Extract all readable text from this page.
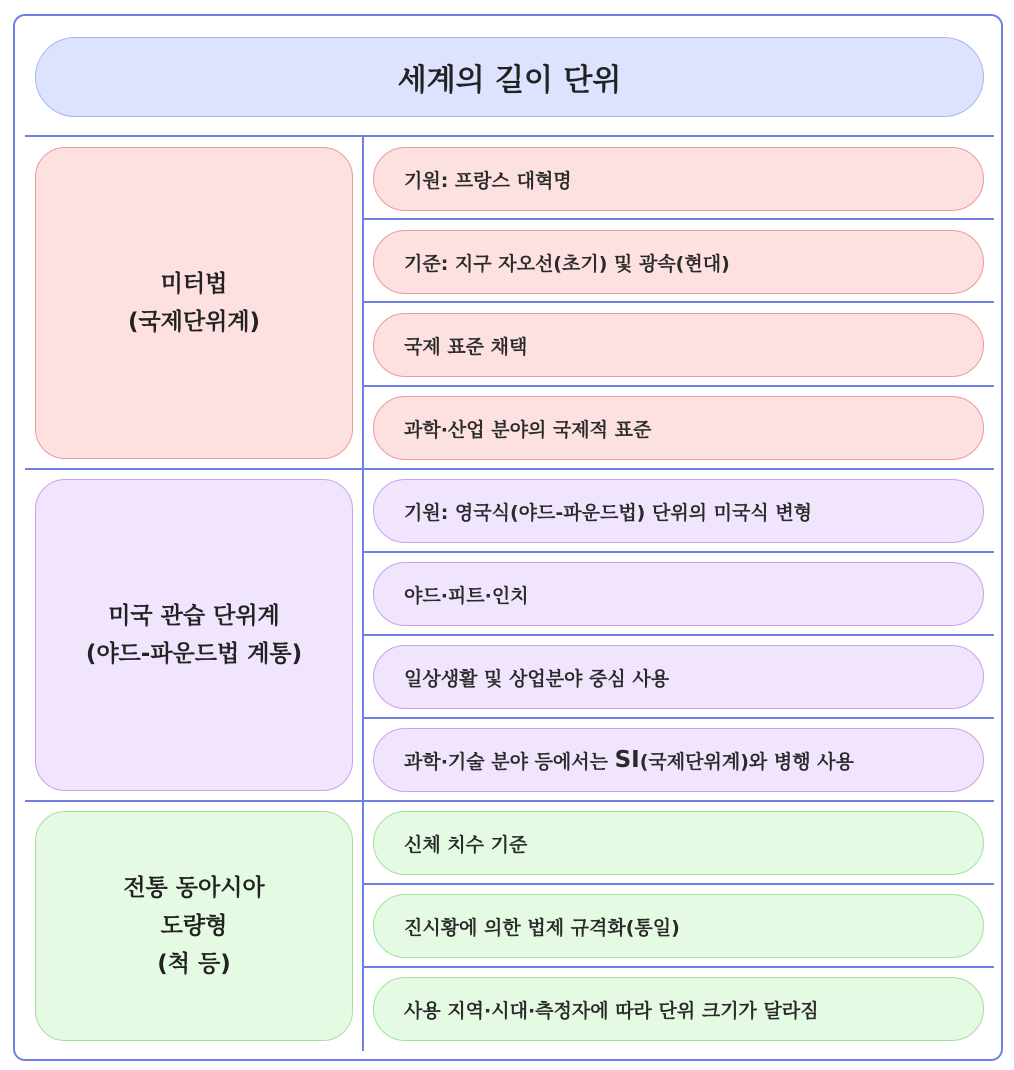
세계의 길이 단위
미터법
(국제단위계)
기원: 프랑스 대혁명
기준: 지구 자오선(초기) 및 광속(현대)
국제 표준 채택
과학·산업 분야의 국제적 표준
미국 관습 단위계
(야드-파운드법 계통)
기원: 영국식(야드-파운드법) 단위의 미국식 변형
야드·피트·인치
일상생활 및 상업분야 중심 사용
과학·기술 분야 등에서는 SI (국제단위계)와 병행 사용
전통 동아시아
도량형
(척 등)
신체 치수 기준
진시황에 의한 법제 규격화(통일)
사용 지역·시대·측정자에 따라 단위 크기가 달라짐
